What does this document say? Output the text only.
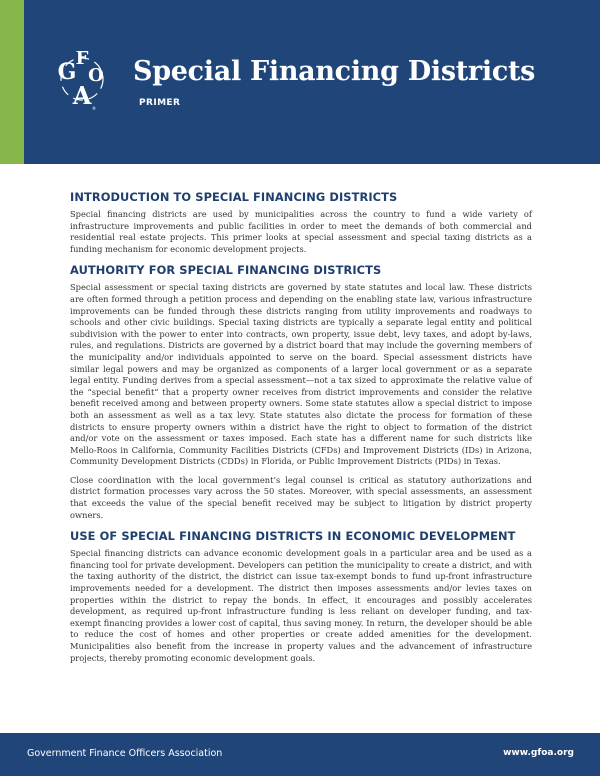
G
F
O
A ®
Special Financing Districts
PRIMER
INTRODUCTION TO SPECIAL FINANCING DISTRICTS

Special financing districts are used by municipalities across the country to fund a wide variety of infrastructure improvements and public facilities in order to meet the demands of both commercial and residential real estate projects. This primer looks at special assessment and special taxing districts as a funding mechanism for economic development projects.

AUTHORITY FOR SPECIAL FINANCING DISTRICTS

Special assessment or special taxing districts are governed by state statutes and local law. These districts are often formed through a petition process and depending on the enabling state law, various infrastructure improvements can be funded through these districts ranging from utility improvements and roadways to schools and other civic buildings. Special taxing districts are typically a separate legal entity and political subdivision with the power to enter into contracts, own property, issue debt, levy taxes, and adopt by-laws, rules, and regulations. Districts are governed by a district board that may include the governing members of the municipality and/or individuals appointed to serve on the board. Special assessment districts have similar legal powers and may be organized as components of a larger local government or as a separate legal entity. Funding derives from a special assessment—not a tax sized to approximate the relative value of the “special benefit” that a property owner receives from district improvements and consider the relative benefit received among and between property owners. Some state statutes allow a special district to impose both an assessment as well as a tax levy. State statutes also dictate the process for formation of these districts to ensure property owners within a district have the right to object to formation of the district and/or vote on the assessment or taxes imposed. Each state has a different name for such districts like Mello-Roos in California, Community Facilities Districts (CFDs) and Improvement Districts (IDs) in Arizona, Community Development Districts (CDDs) in Florida, or Public Improvement Districts (PIDs) in Texas.

Close coordination with the local government’s legal counsel is critical as statutory authorizations and district formation processes vary across the 50 states. Moreover, with special assessments, an assessment that exceeds the value of the special benefit received may be subject to litigation by district property owners.

USE OF SPECIAL FINANCING DISTRICTS IN ECONOMIC DEVELOPMENT

Special financing districts can advance economic development goals in a particular area and be used as a financing tool for private development. Developers can petition the municipality to create a district, and with the taxing authority of the district, the district can issue tax-exempt bonds to fund up-front infrastructure improvements needed for a development. The district then imposes assessments and/or levies taxes on properties within the district to repay the bonds. In effect, it encourages and possibly accelerates development, as required up-front infrastructure funding is less reliant on developer funding, and tax-exempt financing provides a lower cost of capital, thus saving money. In return, the developer should be able to reduce the cost of homes and other properties or create added amenities for the development. Municipalities also benefit from the increase in property values and the advancement of infrastructure projects, thereby promoting economic development goals.

Government Finance Officers Association	www.gfoa.org
